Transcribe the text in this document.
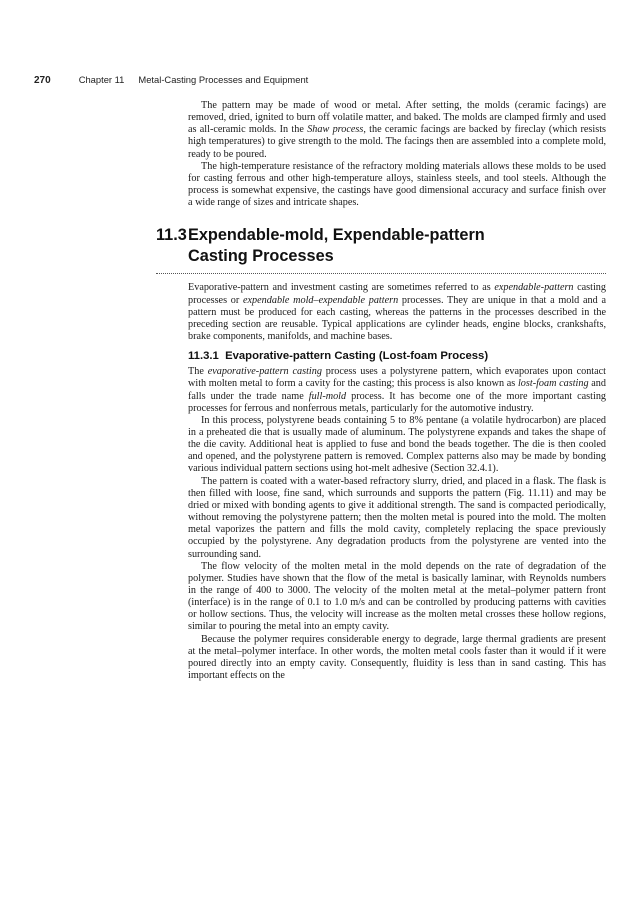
270	Chapter 11 Metal-Casting Processes and Equipment

The pattern may be made of wood or metal. After setting, the molds (ceramic facings) are removed, dried, ignited to burn off volatile matter, and baked. The molds are clamped firmly and used as all-ceramic molds. In the Shaw process, the ceramic facings are backed by fireclay (which resists high temperatures) to give strength to the mold. The facings then are assembled into a complete mold, ready to be poured.

The high-temperature resistance of the refractory molding materials allows these molds to be used for casting ferrous and other high-temperature alloys, stainless steels, and tool steels. Although the process is somewhat expensive, the castings have good dimensional accuracy and surface finish over a wide range of sizes and intricate shapes.

11.3Expendable-mold, Expendable-pattern
Casting Processes

Evaporative-pattern and investment casting are sometimes referred to as expendable-pattern casting processes or expendable mold–expendable pattern processes. They are unique in that a mold and a pattern must be produced for each casting, whereas the patterns in the processes described in the preceding section are reusable. Typical applications are cylinder heads, engine blocks, crankshafts, brake components, manifolds, and machine bases.

11.3.1 Evaporative-pattern Casting (Lost-foam Process)

The evaporative-pattern casting process uses a polystyrene pattern, which evaporates upon contact with molten metal to form a cavity for the casting; this process is also known as lost-foam casting and falls under the trade name full-mold process. It has become one of the more important casting processes for ferrous and nonferrous metals, particularly for the automotive industry.

In this process, polystyrene beads containing 5 to 8% pentane (a volatile hydrocarbon) are placed in a preheated die that is usually made of aluminum. The polystyrene expands and takes the shape of the die cavity. Additional heat is applied to fuse and bond the beads together. The die is then cooled and opened, and the polystyrene pattern is removed. Complex patterns also may be made by bonding various individual pattern sections using hot-melt adhesive (Section 32.4.1).

The pattern is coated with a water-based refractory slurry, dried, and placed in a flask. The flask is then filled with loose, fine sand, which surrounds and supports the pattern (Fig. 11.11) and may be dried or mixed with bonding agents to give it additional strength. The sand is compacted periodically, without removing the polystyrene pattern; then the molten metal is poured into the mold. The molten metal vaporizes the pattern and fills the mold cavity, completely replacing the space previously occupied by the polystyrene. Any degradation products from the polystyrene are vented into the surrounding sand.

The flow velocity of the molten metal in the mold depends on the rate of degradation of the polymer. Studies have shown that the flow of the metal is basically laminar, with Reynolds numbers in the range of 400 to 3000. The velocity of the molten metal at the metal–polymer pattern front (interface) is in the range of 0.1 to 1.0 m/s and can be controlled by producing patterns with cavities or hollow sections. Thus, the velocity will increase as the molten metal crosses these hollow regions, similar to pouring the metal into an empty cavity.

Because the polymer requires considerable energy to degrade, large thermal gradients are present at the metal–polymer interface. In other words, the molten metal cools faster than it would if it were poured directly into an empty cavity. Consequently, fluidity is less than in sand casting. This has important effects on the
